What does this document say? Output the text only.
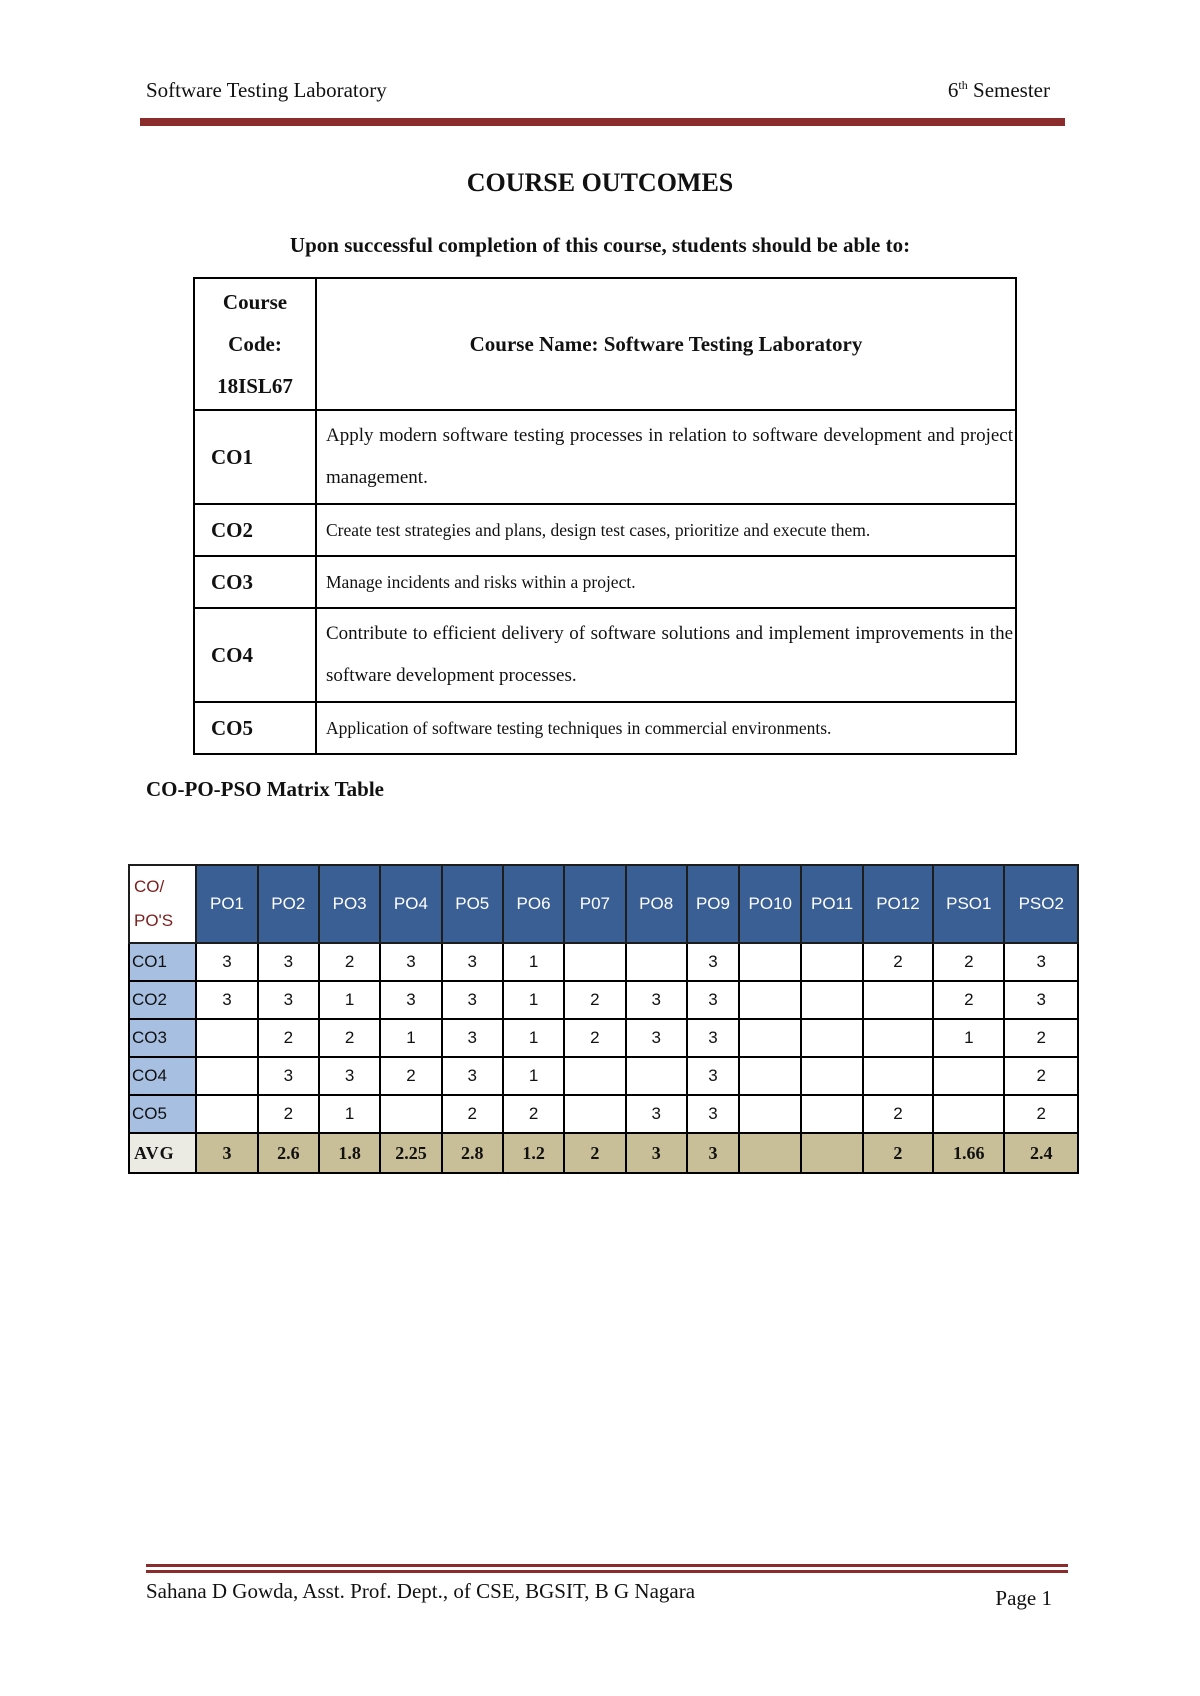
Software Testing Laboratory	6th Semester
COURSE OUTCOMES
Upon successful completion of this course, students should be able to:
Course
Code:
18ISL67	Course Name: Software Testing Laboratory
CO1	Apply modern software testing processes in relation to software development and project management.
CO2	Create test strategies and plans, design test cases, prioritize and execute them.
CO3	Manage incidents and risks within a project.
CO4	Contribute to efficient delivery of software solutions and implement improvements in the software development processes.
CO5	Application of software testing techniques in commercial environments.
CO-PO-PSO Matrix Table
CO/
PO'S	PO1	PO2	PO3	PO4	PO5	PO6	P07	PO8	PO9	PO10	PO11	PO12	PSO1	PSO2
CO1	3	3	2	3	3	1			3			2	2	3
CO2	3	3	1	3	3	1	2	3	3				2	3
CO3		2	2	1	3	1	2	3	3				1	2
CO4		3	3	2	3	1			3					2
CO5		2	1		2	2		3	3			2		2
AVG	3	2.6	1.8	2.25	2.8	1.2	2	3	3			2	1.66	2.4
Sahana D Gowda, Asst. Prof. Dept., of CSE, BGSIT, B G Nagara	Page 1
